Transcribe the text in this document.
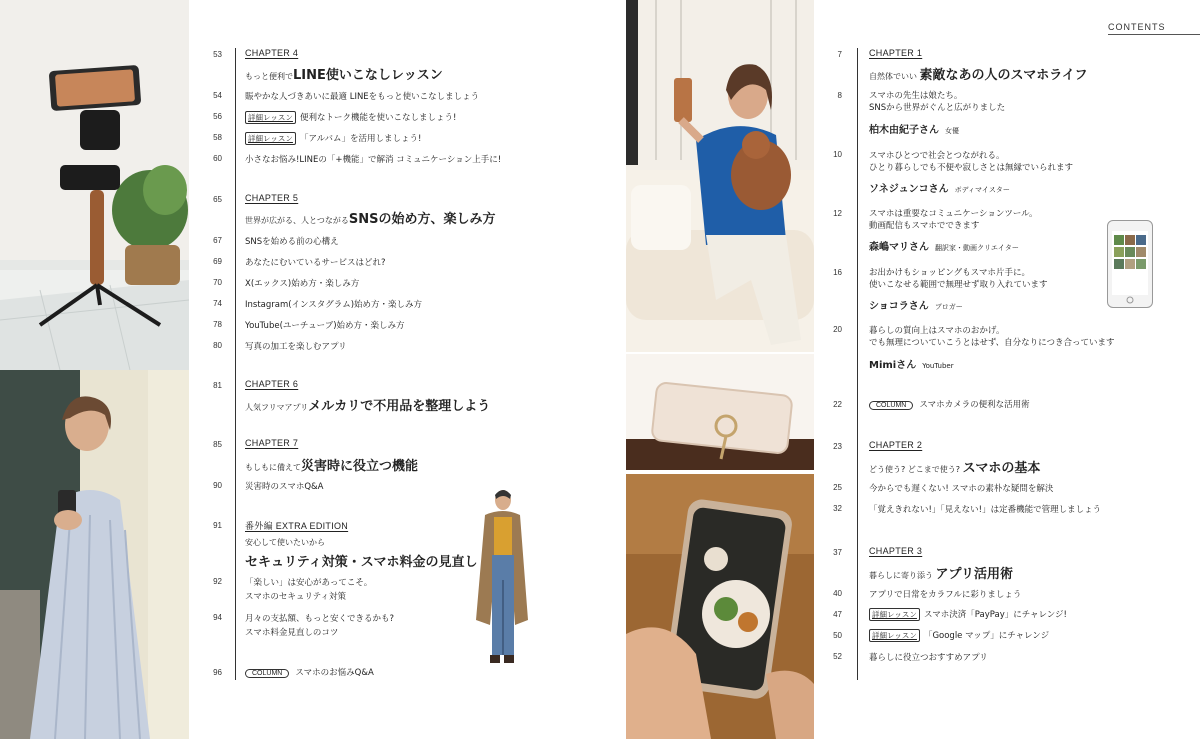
CONTENTS
53	CHAPTER 4
もっと便利でLINE使いこなしレッスン
54	賑やかな人づきあいに最適 LINEをもっと使いこなしましょう
56	詳細レッスン 便利なトーク機能を使いこなしましょう!
58	詳細レッスン 「アルバム」を活用しましょう!
60	小さなお悩み!LINEの「+機能」で解消 コミュニケーション上手に!
65	CHAPTER 5
世界が広がる、人とつながるSNSの始め方、楽しみ方
67	SNSを始める前の心構え
69	あなたにむいているサービスはどれ?
70	X(エックス)始め方・楽しみ方
74	Instagram(インスタグラム)始め方・楽しみ方
78	YouTube(ユーチューブ)始め方・楽しみ方
80	写真の加工を楽しむアプリ
81	CHAPTER 6
人気フリマアプリメルカリで不用品を整理しよう
85	CHAPTER 7
もしもに備えて災害時に役立つ機能
90	災害時のスマホQ&A
91	番外編 EXTRA EDITION
安心して使いたいから
セキュリティ対策・スマホ料金の見直し
92	「楽しい」は安心があってこそ。
スマホのセキュリティ対策
94	月々の支払額、もっと安くできるかも?
スマホ料金見直しのコツ
96	COLUMN スマホのお悩みQ&A
7	CHAPTER 1
自然体でいい 素敵なあの人のスマホライフ
8	スマホの先生は娘たち。
SNSから世界がぐんと広がりました
柏木由紀子さん 女優
10	スマホひとつで社会とつながれる。
ひとり暮らしでも不便や寂しさとは無縁でいられます
ソネジュンコさん ボディマイスター
12	スマホは重要なコミュニケーションツール。
動画配信もスマホでできます
森嶋マリさん 翻訳家・動画クリエイター
16	お出かけもショッピングもスマホ片手に。
使いこなせる範囲で無理せず取り入れています
ショコラさん ブロガー
20	暮らしの質向上はスマホのおかげ。
でも無理についていこうとはせず、自分なりにつき合っています
Mimiさん YouTuber
22	COLUMN スマホカメラの便利な活用術
23	CHAPTER 2
どう使う? どこまで使う? スマホの基本
25	今からでも遅くない! スマホの素朴な疑問を解決
32	「覚えきれない!」「見えない!」は定番機能で管理しましょう
37	CHAPTER 3
暮らしに寄り添う アプリ活用術
40	アプリで日常をカラフルに彩りましょう
47	詳細レッスン スマホ決済「PayPay」にチャレンジ!
50	詳細レッスン 「Google マップ」にチャレンジ
52	暮らしに役立つおすすめアプリ
